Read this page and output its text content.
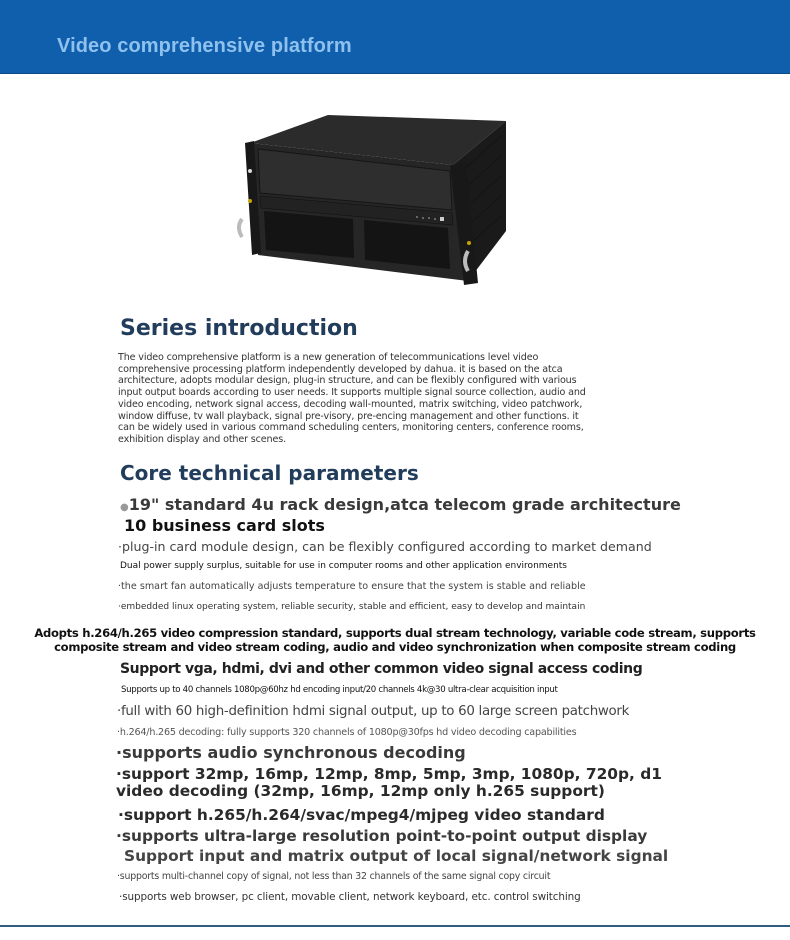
Video comprehensive platform
Series introduction
The video comprehensive platform is a new generation of telecommunications level video
comprehensive processing platform independently developed by dahua. it is based on the atca
architecture, adopts modular design, plug-in structure, and can be flexibly configured with various
input output boards according to user needs. It supports multiple signal source collection, audio and
video encoding, network signal access, decoding wall-mounted, matrix switching, video patchwork,
window diffuse, tv wall playback, signal pre-visory, pre-encing management and other functions. it
can be widely used in various command scheduling centers, monitoring centers, conference rooms,
exhibition display and other scenes.
Core technical parameters
●19" standard 4u rack design,atca telecom grade architecture
10 business card slots
·plug-in card module design, can be flexibly configured according to market demand
Dual power supply surplus, suitable for use in computer rooms and other application environments
·the smart fan automatically adjusts temperature to ensure that the system is stable and reliable
·embedded linux operating system, reliable security, stable and efficient, easy to develop and maintain
Adopts h.264/h.265 video compression standard, supports dual stream technology, variable code stream, supports
composite stream and video stream coding, audio and video synchronization when composite stream coding
Support vga, hdmi, dvi and other common video signal access coding
Supports up to 40 channels 1080p@60hz hd encoding input/20 channels 4k@30 ultra-clear acquisition input
·full with 60 high-definition hdmi signal output, up to 60 large screen patchwork
·h.264/h.265 decoding: fully supports 320 channels of 1080p@30fps hd video decoding capabilities
·supports audio synchronous decoding
·support 32mp, 16mp, 12mp, 8mp, 5mp, 3mp, 1080p, 720p, d1
video decoding (32mp, 16mp, 12mp only h.265 support)
·support h.265/h.264/svac/mpeg4/mjpeg video standard
·supports ultra-large resolution point-to-point output display
Support input and matrix output of local signal/network signal
·supports multi-channel copy of signal, not less than 32 channels of the same signal copy circuit
·supports web browser, pc client, movable client, network keyboard, etc. control switching
